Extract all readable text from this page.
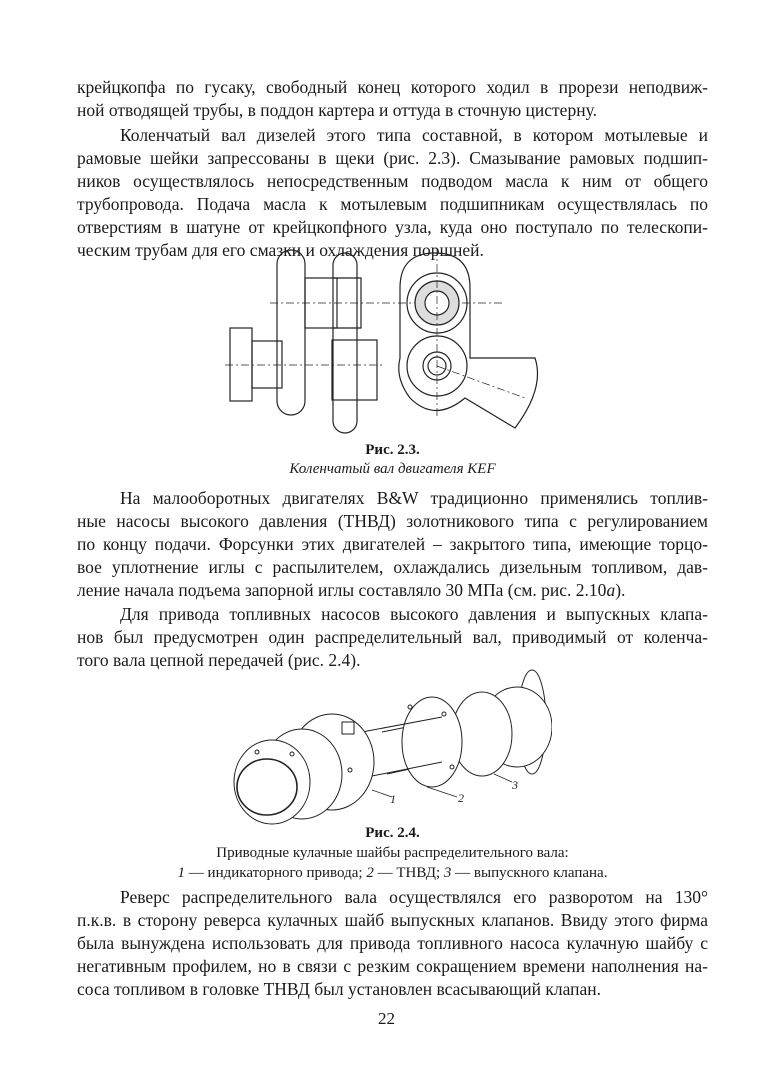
крейцкопфа по гусаку, свободный конец которого ходил в прорези неподвиж-
ной отводящей трубы, в поддон картера и оттуда в сточную цистерну.
Коленчатый вал дизелей этого типа составной, в котором мотылевые и
рамовые шейки запрессованы в щеки (рис. 2.3). Смазывание рамовых подшип-
ников осуществлялось непосредственным подводом масла к ним от общего
трубопровода. Подача масла к мотылевым подшипникам осуществлялась по
отверстиям в шатуне от крейцкопфного узла, куда оно поступало по телескопи-
ческим трубам для его смазки и охлаждения поршней.
Рис. 2.3.
Коленчатый вал двигателя KEF
На малооборотных двигателях B&W традиционно применялись топлив-
ные насосы высокого давления (ТНВД) золотникового типа с регулированием
по концу подачи. Форсунки этих двигателей – закрытого типа, имеющие торцо-
вое уплотнение иглы с распылителем, охлаждались дизельным топливом, дав-
ление начала подъема запорной иглы составляло 30 МПа (см. рис. 2.10a).
Для привода топливных насосов высокого давления и выпускных клапа-
нов был предусмотрен один распределительный вал, приводимый от коленча-
того вала цепной передачей (рис. 2.4).
1	2
3
Рис. 2.4.
Приводные кулачные шайбы распределительного вала:
1 — индикаторного привода; 2 — ТНВД; 3 — выпускного клапана.
Реверс распределительного вала осуществлялся его разворотом на 130°
п.к.в. в сторону реверса кулачных шайб выпускных клапанов. Ввиду этого фирма
была вынуждена использовать для привода топливного насоса кулачную шайбу с
негативным профилем, но в связи с резким сокращением времени наполнения на-
соса топливом в головке ТНВД был установлен всасывающий клапан.
22
